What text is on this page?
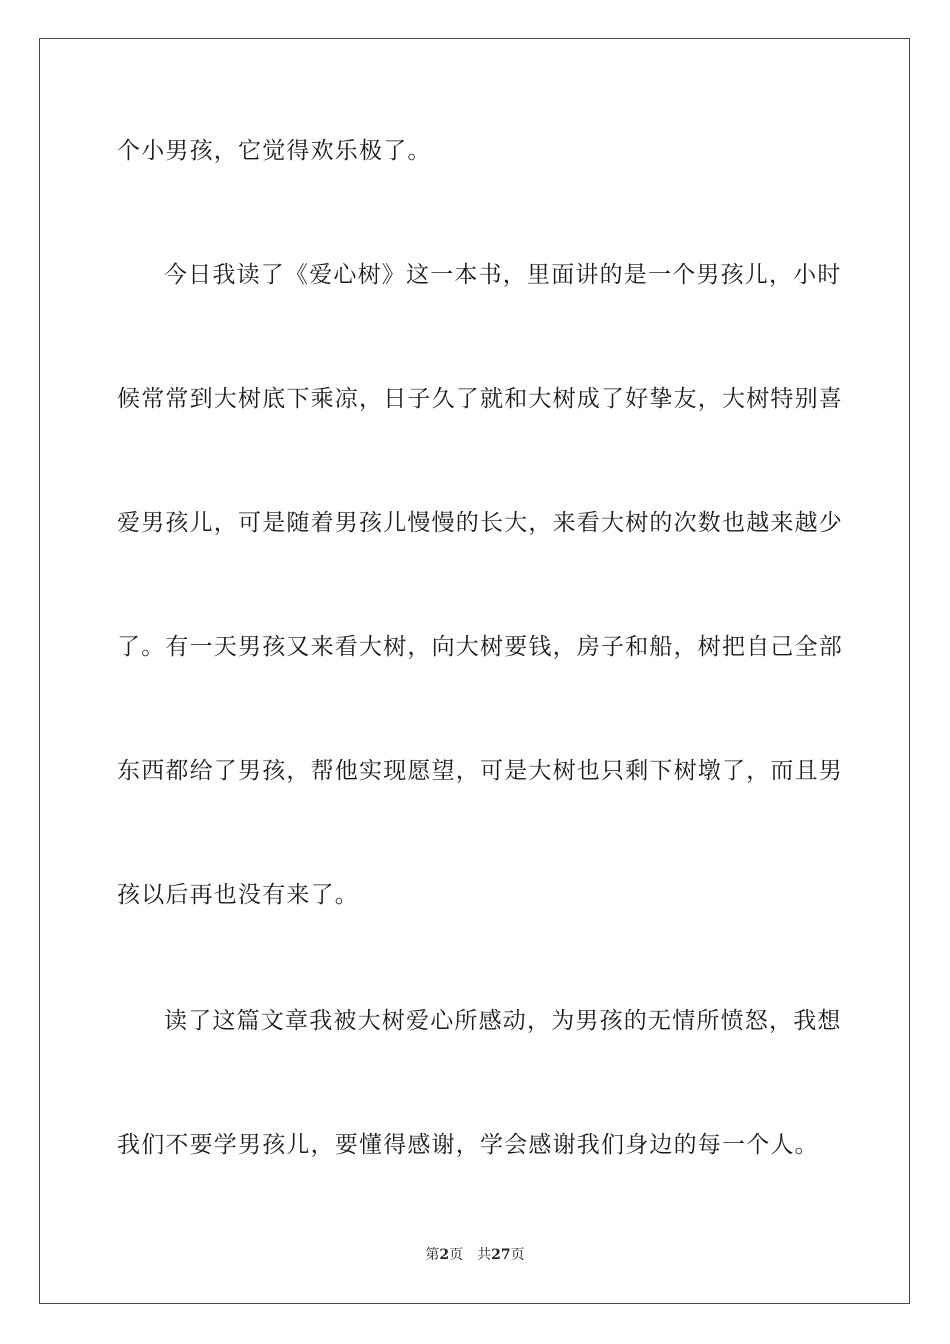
个小男孩，它觉得欢乐极了。
今日我读了《爱心树》这一本书，里面讲的是一个男孩儿，小时
候常常到大树底下乘凉，日子久了就和大树成了好挚友，大树特别喜
爱男孩儿，可是随着男孩儿慢慢的长大，来看大树的次数也越来越少
了。有一天男孩又来看大树，向大树要钱，房子和船，树把自己全部
东西都给了男孩，帮他实现愿望，可是大树也只剩下树墩了，而且男
孩以后再也没有来了。
读了这篇文章我被大树爱心所感动，为男孩的无情所愤怒，我想
我们不要学男孩儿，要懂得感谢，学会感谢我们身边的每一个人。
第2页 共27页
